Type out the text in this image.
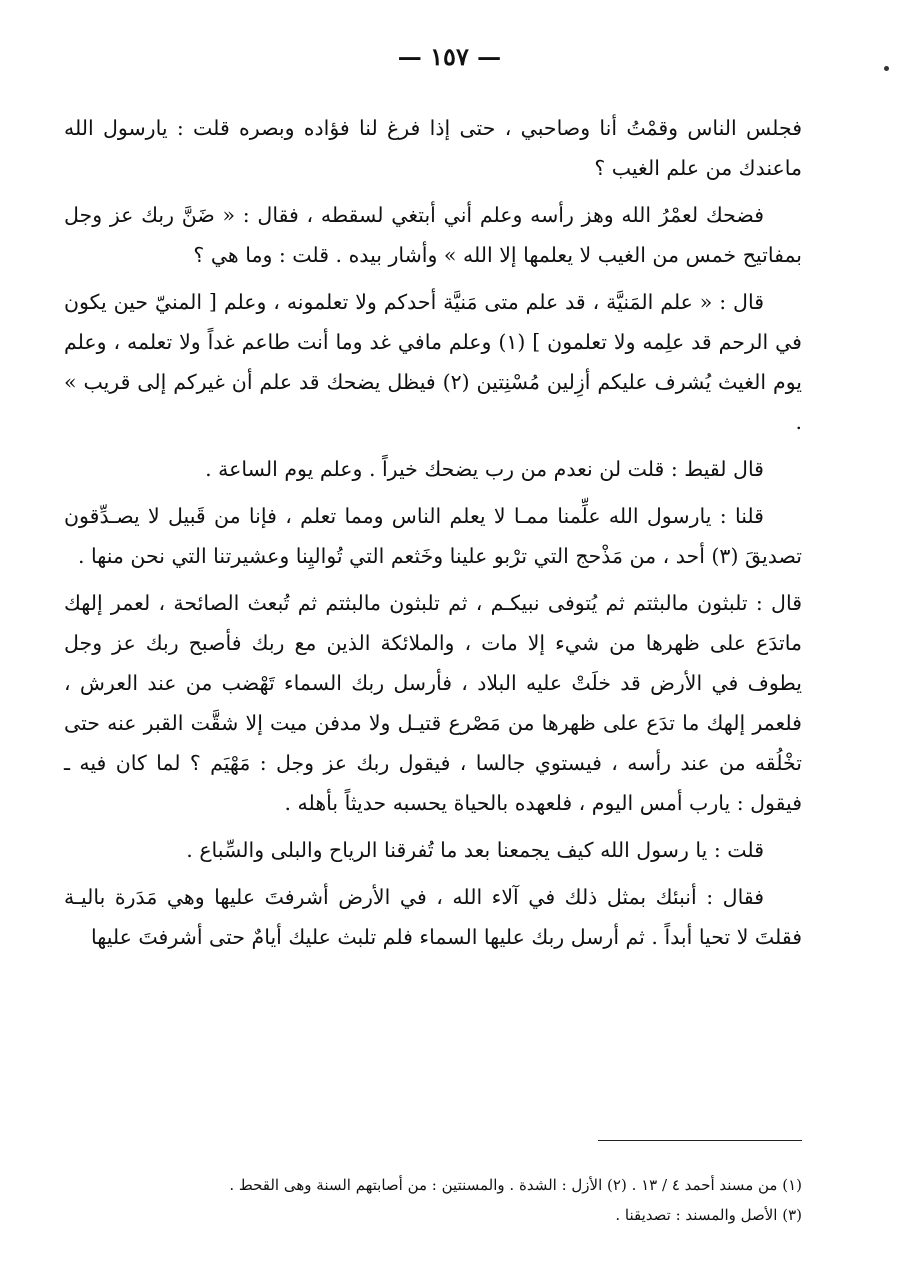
— ١٥٧ —

فجلس الناس وقمْتُ أنا وصاحبي ، حتى إذا فرغ لنا فؤاده وبصره قلت : يارسول الله ماعندك من علم الغيب ؟

فضحك لعمْرُ الله وهز رأسه وعلم أني أبتغي لسقطه ، فقال : « ضَنَّ ربك عز وجل بمفاتيح خمس من الغيب لا يعلمها إلا الله » وأشار بيده . قلت : وما هي ؟

قال : « علم المَنيَّة ، قد علم متى مَنيَّة أحدكم ولا تعلمونه ، وعلم [ المنيّ حين يكون في الرحم قد علِمه ولا تعلمون ] (١) وعلم مافي غد وما أنت طاعم غداً ولا تعلمه ، وعلم يوم الغيث يُشرف عليكم أزِلين مُسْنِتين (٢) فيظل يضحك قد علم أن غيركم إلى قريب » .

قال لقيط : قلت لن نعدم من رب يضحك خيراً . وعلم يوم الساعة .

قلنا : يارسول الله علِّمنا ممـا لا يعلم الناس ومما تعلم ، فإنا من قَبيل لا يصـدِّقون تصديقَ (٣) أحد ، من مَذْحج التي ترْبو علينا وخَثعم التي تُواليِنا وعشيرتنا التي نحن منها .

قال : تلبثون مالبثتم ثم يُتوفى نبيكـم ، ثم تلبثون مالبثتم ثم تُبعث الصائحة ، لعمر إلهك ماتدَع على ظهرها من شيء إلا مات ، والملائكة الذين مع ربك فأصبح ربك عز وجل يطوف في الأرض قد خلَتْ عليه البلاد ، فأرسل ربك السماء تَهْضب من عند العرش ، فلعمر إلهك ما تدَع على ظهرها من مَصْرع قتيـل ولا مدفن ميت إلا شقَّت القبر عنه حتى تخْلُقه من عند رأسه ، فيستوي جالسا ، فيقول ربك عز وجل : مَهْيَم ؟ لما كان فيه ـ فيقول : يارب أمس اليوم ، فلعهده بالحياة يحسبه حديثاً بأهله .

قلت : يا رسول الله كيف يجمعنا بعد ما تُفرقنا الرياح والبلى والسِّباع .

فقال : أنبئك بمثل ذلك في آلاء الله ، في الأرض أشرفتَ عليها وهي مَدَرة باليـة فقلتَ لا تحيا أبداً . ثم أرسل ربك عليها السماء فلم تلبث عليك أيامٌ حتى أشرفتَ عليها

(١) من مسند أحمد ٤ / ١٣ . (٢) الأزل : الشدة . والمسنتين : من أصابتهم السنة وهى القحط .

(٣) الأصل والمسند : تصديقنا .
